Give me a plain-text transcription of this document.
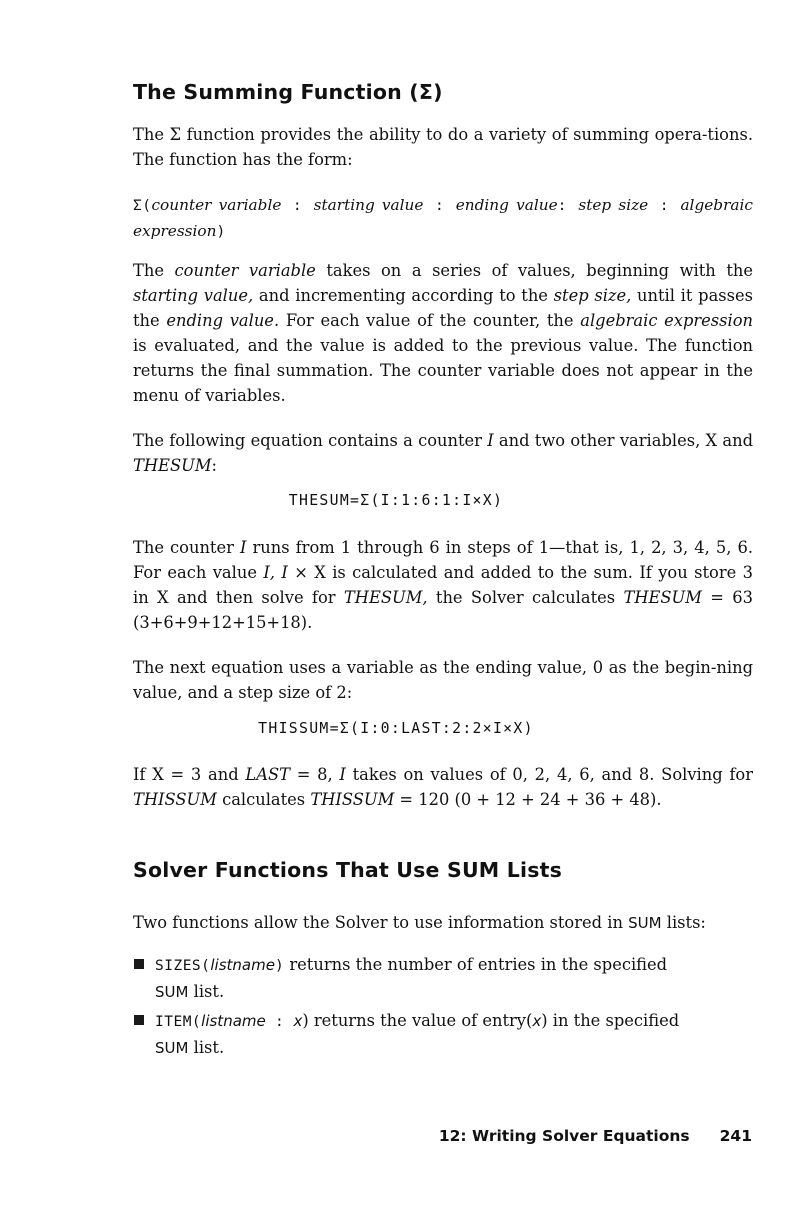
The Summing Function (Σ)

The Σ function provides the ability to do a variety of summing opera-tions. The function has the form:

Σ(counter variable : starting value : ending value: step size : algebraic expression)

The counter variable takes on a series of values, beginning with the starting value, and incrementing according to the step size, until it passes the ending value. For each value of the counter, the algebraic expression is evaluated, and the value is added to the previous value. The function returns the final summation. The counter variable does not appear in the menu of variables.

The following equation contains a counter I and two other variables, X and THESUM:

THESUM=Σ(I:1:6:1:I×X)

The counter I runs from 1 through 6 in steps of 1—that is, 1, 2, 3, 4, 5, 6. For each value I, I × X is calculated and added to the sum. If you store 3 in X and then solve for THESUM, the Solver calculates THESUM = 63 (3+6+9+12+15+18).

The next equation uses a variable as the ending value, 0 as the begin-ning value, and a step size of 2:

THISSUM=Σ(I:0:LAST:2:2×I×X)

If X = 3 and LAST = 8, I takes on values of 0, 2, 4, 6, and 8. Solving for THISSUM calculates THISSUM = 120 (0 + 12 + 24 + 36 + 48).

Solver Functions That Use SUM Lists

Two functions allow the Solver to use information stored in SUM lists:

SIZES(listname) returns the number of entries in the specified
SUM list.
ITEM(listname : x) returns the value of entry(x) in the specified
SUM list.
12: Writing Solver Equations 241
